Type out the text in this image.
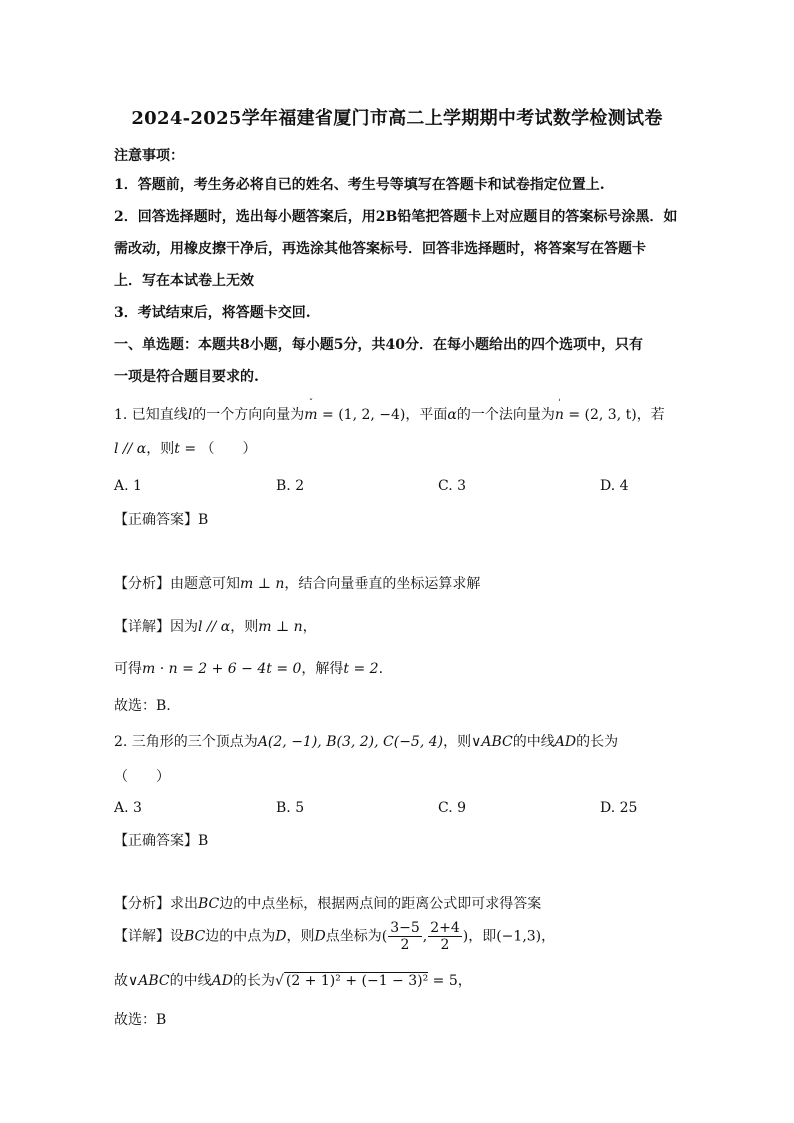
2024-2025学年福建省厦门市高二上学期期中考试数学检测试卷
注意事项：
1．答题前，考生务必将自已的姓名、考生号等填写在答题卡和试卷指定位置上.
2．回答选择题时，选出每小题答案后，用2B铅笔把答题卡上对应题目的答案标号涂黑．如
需改动，用橡皮擦干净后，再选涂其他答案标号．回答非选择题时，将答案写在答题卡
上．写在本试卷上无效
3．考试结束后，将答题卡交回.
一、单选题：本题共8小题，每小题5分，共40分．在每小题给出的四个选项中，只有
一项是符合题目要求的.
1. 已知直线l的一个方向向量为
ˇ
m = (1, 2, −4)，平面α的一个法向量为
ˈ
n = (2, 3, t)，若
l // α，则t = （　　）
A. 1	B. 2	C. 3	D. 4
【正确答案】B
【分析】由题意可知m ⊥ n，结合向量垂直的坐标运算求解
【详解】因为l // α，则m ⊥ n，
可得m · n = 2 + 6 − 4t = 0，解得t = 2.
故选：B.
2. 三角形的三个顶点为A(2, −1), B(3, 2), C(−5, 4)，则∨ABC的中线AD的长为
（　　）
A. 3	B. 5	C. 9	D. 25
【正确答案】B
【分析】求出BC边的中点坐标，根据两点间的距离公式即可求得答案
【详解】设BC边的中点为D，则D点坐标为( $\frac{3-5}{2}$ , $\frac{2+4}{2}$ )，即(−1,3)，
故∨ABC的中线AD的长为√ (2 + 1)² + (−1 − 3)² = 5，
故选：B
